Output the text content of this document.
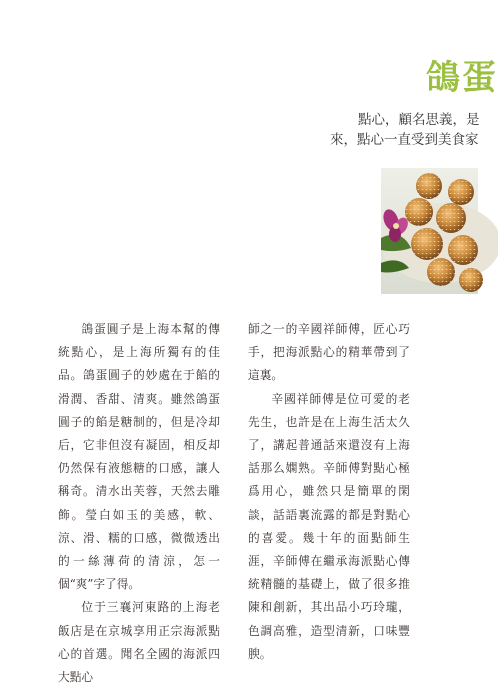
鴿蛋
點心，顧名思義，是
來，點心一直受到美食家

鴿蛋圓子是上海本幫的傳統點心，是上海所獨有的佳品。鴿蛋圓子的妙處在于餡的滑潤、香甜、清爽。雖然鴿蛋圓子的餡是糖制的，但是冷却后，它非但沒有凝固，相反却仍然保有液態糖的口感，讓人稱奇。清水出芙蓉，天然去雕飾。瑩白如玉的美感，軟、涼、滑、糯的口感，微微透出的一絲薄荷的清涼，怎一個“爽”字了得。

位于三襄河東路的上海老飯店是在京城享用正宗海派點心的首選。聞名全國的海派四大點心

師之一的辛國祥師傅，匠心巧手，把海派點心的精華帶到了這裏。

辛國祥師傅是位可愛的老先生，也許是在上海生活太久了，講起普通話來還沒有上海話那么嫻熟。辛師傅對點心極爲用心，雖然只是簡單的閑談，話語裏流露的都是對點心的喜愛。幾十年的面點師生涯，辛師傅在繼承海派點心傳統精髓的基礎上，做了很多推陳和創新，其出品小巧玲瓏，色調高雅，造型清新，口味豐腴。
